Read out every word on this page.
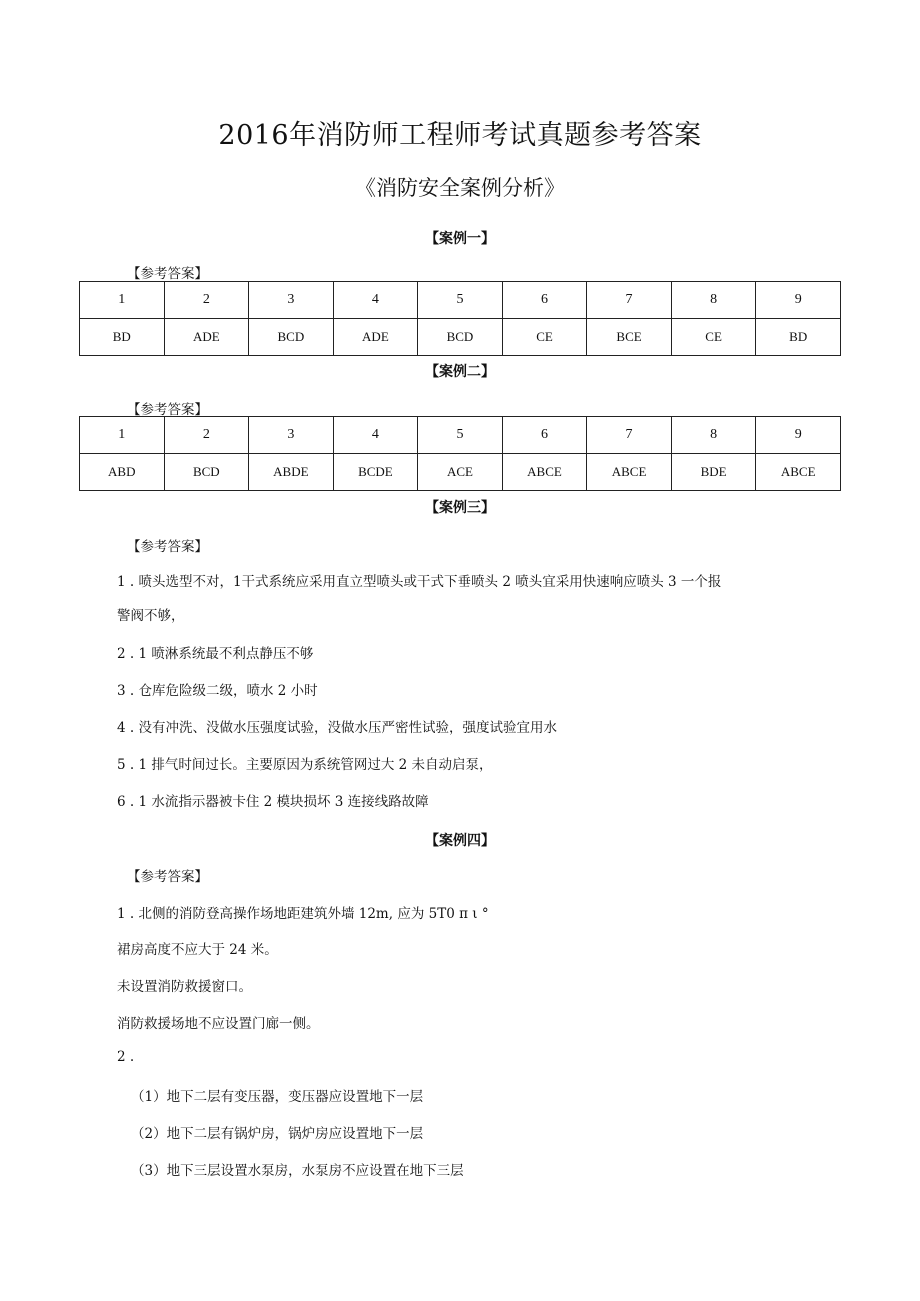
2016年消防师工程师考试真题参考答案
《消防安全案例分析》
【案例一】
【参考答案】
1	2	3	4	5	6	7	8	9
BD	ADE	BCD	ADE	BCD	CE	BCE	CE	BD
【案例二】
【参考答案】
1	2	3	4	5	6	7	8	9
ABD	BCD	ABDE	BCDE	ACE	ABCE	ABCE	BDE	ABCE
【案例三】
【参考答案】
1 . 喷头选型不对，1干式系统应采用直立型喷头或干式下垂喷头 2 喷头宜采用快速响应喷头 3 一个报
警阀不够，
2 . 1 喷淋系统最不利点静压不够
3 . 仓库危险级二级，喷水 2 小时
4 . 没有冲洗、没做水压强度试验，没做水压严密性试验，强度试验宜用水
5 . 1 排气时间过长。主要原因为系统管网过大 2 未自动启泵，
6 . 1 水流指示器被卡住 2 模块损坏 3 连接线路故障
【案例四】
【参考答案】
1 . 北侧的消防登高操作场地距建筑外墙 12m, 应为 5T0 π ι °
裙房高度不应大于 24 米。
未设置消防救援窗口。
消防救援场地不应设置门廊一侧。
2 .
（1）地下二层有变压器，变压器应设置地下一层
（2）地下二层有锅炉房，锅炉房应设置地下一层
（3）地下三层设置水泵房，水泵房不应设置在地下三层
